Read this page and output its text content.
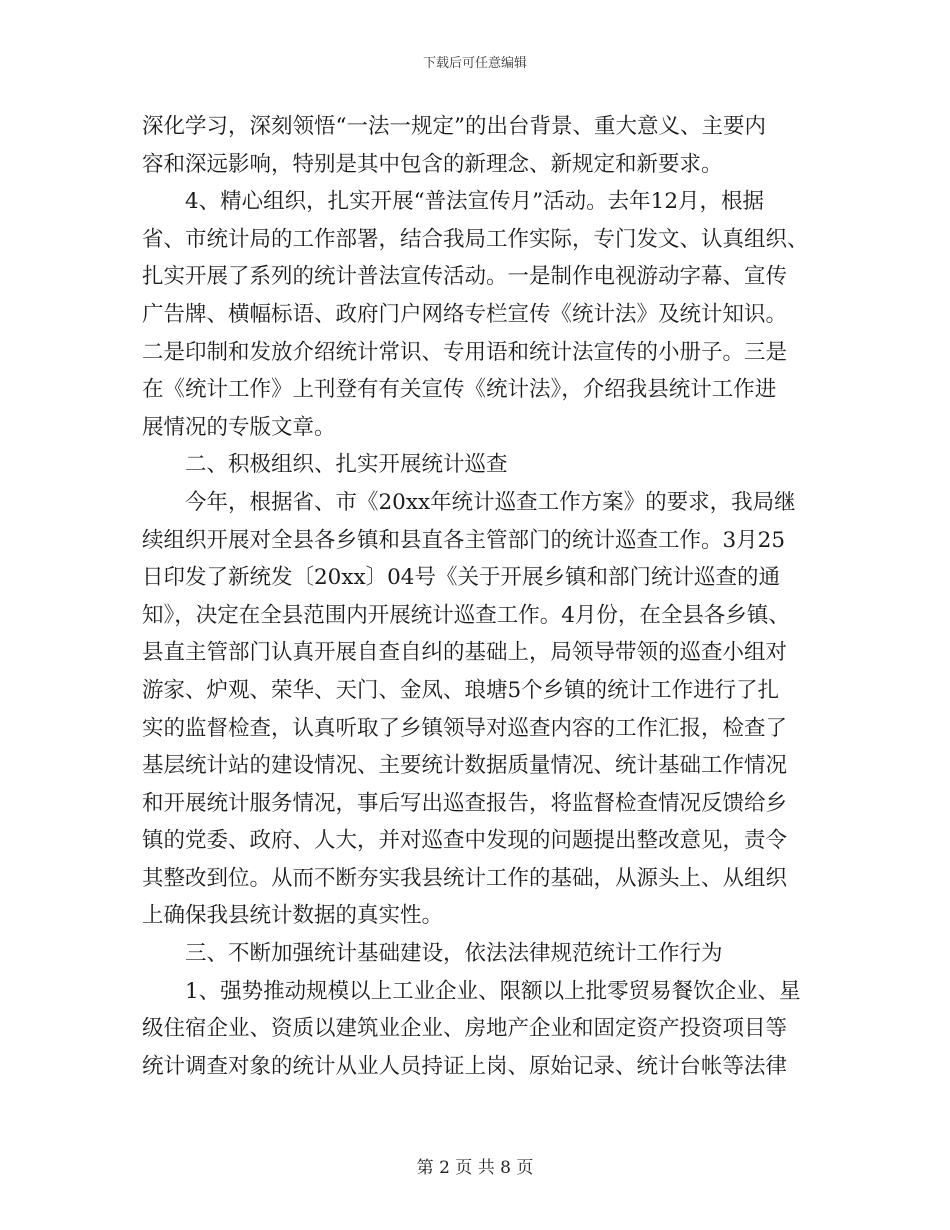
下载后可任意编辑
深化学习，深刻领悟“一法一规定”的出台背景、重大意义、主要内
容和深远影响，特别是其中包含的新理念、新规定和新要求。
4、精心组织，扎实开展“普法宣传月”活动。去年12月，根据
省、市统计局的工作部署，结合我局工作实际，专门发文、认真组织、
扎实开展了系列的统计普法宣传活动。一是制作电视游动字幕、宣传
广告牌、横幅标语、政府门户网络专栏宣传《统计法》及统计知识。
二是印制和发放介绍统计常识、专用语和统计法宣传的小册子。三是
在《统计工作》上刊登有有关宣传《统计法》，介绍我县统计工作进
展情况的专版文章。
二、积极组织、扎实开展统计巡查
今年，根据省、市《20xx年统计巡查工作方案》的要求，我局继
续组织开展对全县各乡镇和县直各主管部门的统计巡查工作。3月25
日印发了新统发〔20xx〕04号《关于开展乡镇和部门统计巡查的通
知》，决定在全县范围内开展统计巡查工作。4月份，在全县各乡镇、
县直主管部门认真开展自查自纠的基础上，局领导带领的巡查小组对
游家、炉观、荣华、天门、金凤、琅塘5个乡镇的统计工作进行了扎
实的监督检查，认真听取了乡镇领导对巡查内容的工作汇报，检查了
基层统计站的建设情况、主要统计数据质量情况、统计基础工作情况
和开展统计服务情况，事后写出巡查报告，将监督检查情况反馈给乡
镇的党委、政府、人大，并对巡查中发现的问题提出整改意见，责令
其整改到位。从而不断夯实我县统计工作的基础，从源头上、从组织
上确保我县统计数据的真实性。
三、不断加强统计基础建设，依法法律规范统计工作行为
1、强势推动规模以上工业企业、限额以上批零贸易餐饮企业、星
级住宿企业、资质以建筑业企业、房地产企业和固定资产投资项目等
统计调查对象的统计从业人员持证上岗、原始记录、统计台帐等法律
第 2 页 共 8 页
